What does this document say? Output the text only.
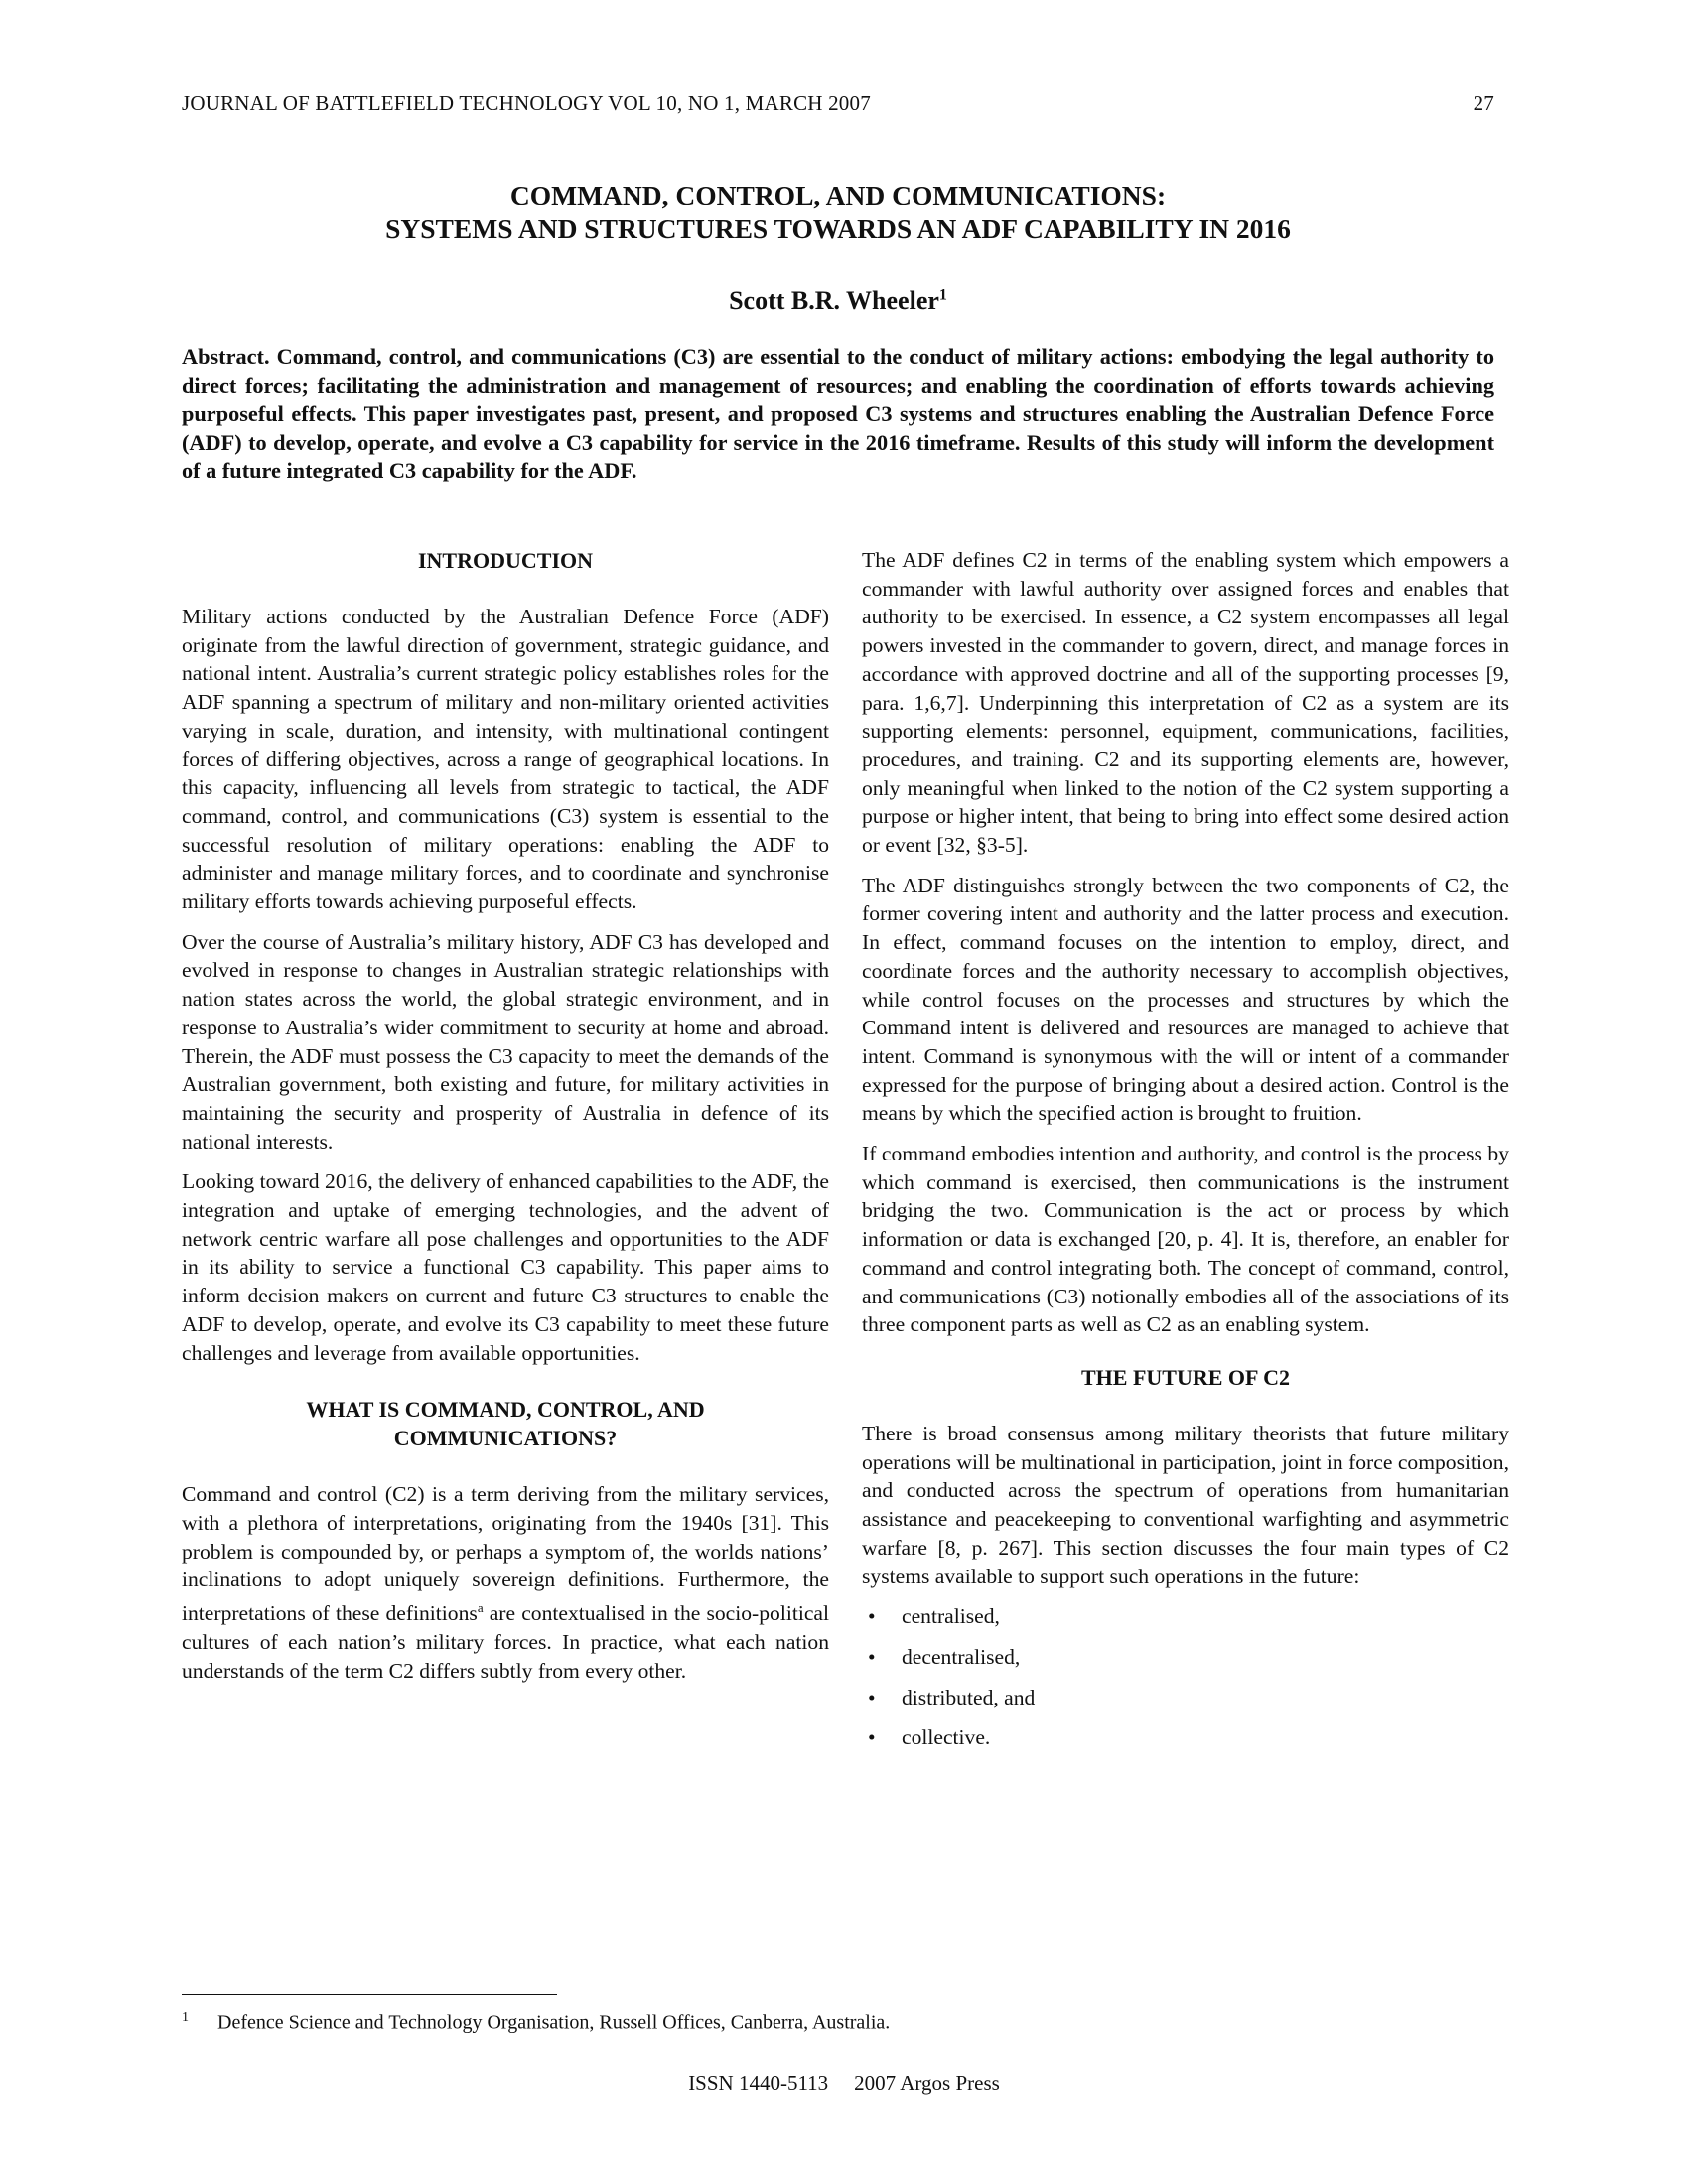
JOURNAL OF BATTLEFIELD TECHNOLOGY VOL 10, NO 1, MARCH 2007	27

COMMAND, CONTROL, AND COMMUNICATIONS:

SYSTEMS AND STRUCTURES TOWARDS AN ADF CAPABILITY IN 2016

Scott B.R. Wheeler$^1$

Abstract. Command, control, and communications (C3) are essential to the conduct of military actions: embodying the legal authority to direct forces; facilitating the administration and management of resources; and enabling the coordination of efforts towards achieving purposeful effects. This paper investigates past, present, and proposed C3 systems and structures enabling the Australian Defence Force (ADF) to develop, operate, and evolve a C3 capability for service in the 2016 timeframe. Results of this study will inform the development of a future integrated C3 capability for the ADF.

INTRODUCTION

Military actions conducted by the Australian Defence Force (ADF) originate from the lawful direction of government, strategic guidance, and national intent. Australia’s current strategic policy establishes roles for the ADF spanning a spectrum of military and non-military oriented activities varying in scale, duration, and intensity, with multinational contingent forces of differing objectives, across a range of geographical locations. In this capacity, influencing all levels from strategic to tactical, the ADF command, control, and communications (C3) system is essential to the successful resolution of military operations: enabling the ADF to administer and manage military forces, and to coordinate and synchronise military efforts towards achieving purposeful effects.

Over the course of Australia’s military history, ADF C3 has developed and evolved in response to changes in Australian strategic relationships with nation states across the world, the global strategic environment, and in response to Australia’s wider commitment to security at home and abroad. Therein, the ADF must possess the C3 capacity to meet the demands of the Australian government, both existing and future, for military activities in maintaining the security and prosperity of Australia in defence of its national interests.

Looking toward 2016, the delivery of enhanced capabilities to the ADF, the integration and uptake of emerging technologies, and the advent of network centric warfare all pose challenges and opportunities to the ADF in its ability to service a functional C3 capability. This paper aims to inform decision makers on current and future C3 structures to enable the ADF to develop, operate, and evolve its C3 capability to meet these future challenges and leverage from available opportunities.

WHAT IS COMMAND, CONTROL, AND
COMMUNICATIONS?

Command and control (C2) is a term deriving from the military services, with a plethora of interpretations, originating from the 1940s [31]. This problem is compounded by, or perhaps a symptom of, the worlds nations’ inclinations to adopt uniquely sovereign definitions. Furthermore, the interpretations of these definitions$^a$ are contextualised in the socio-political cultures of each nation’s military forces. In practice, what each nation understands of the term C2 differs subtly from every other.

The ADF defines C2 in terms of the enabling system which empowers a commander with lawful authority over assigned forces and enables that authority to be exercised. In essence, a C2 system encompasses all legal powers invested in the commander to govern, direct, and manage forces in accordance with approved doctrine and all of the supporting processes [9, para. 1,6,7]. Underpinning this interpretation of C2 as a system are its supporting elements: personnel, equipment, communications, facilities, procedures, and training. C2 and its supporting elements are, however, only meaningful when linked to the notion of the C2 system supporting a purpose or higher intent, that being to bring into effect some desired action or event [32, §3-5].

The ADF distinguishes strongly between the two components of C2, the former covering intent and authority and the latter process and execution. In effect, command focuses on the intention to employ, direct, and coordinate forces and the authority necessary to accomplish objectives, while control focuses on the processes and structures by which the Command intent is delivered and resources are managed to achieve that intent. Command is synonymous with the will or intent of a commander expressed for the purpose of bringing about a desired action. Control is the means by which the specified action is brought to fruition.

If command embodies intention and authority, and control is the process by which command is exercised, then communications is the instrument bridging the two. Communication is the act or process by which information or data is exchanged [20, p. 4]. It is, therefore, an enabler for command and control integrating both. The concept of command, control, and communications (C3) notionally embodies all of the associations of its three component parts as well as C2 as an enabling system.

THE FUTURE OF C2

There is broad consensus among military theorists that future military operations will be multinational in participation, joint in force composition, and conducted across the spectrum of operations from humanitarian assistance and peacekeeping to conventional warfighting and asymmetric warfare [8, p. 267]. This section discusses the four main types of C2 systems available to support such operations in the future:

• centralised,
• decentralised,
• distributed, and
• collective.
1 Defence Science and Technology Organisation, Russell Offices, Canberra, Australia.
ISSN 1440-5113 2007 Argos Press
